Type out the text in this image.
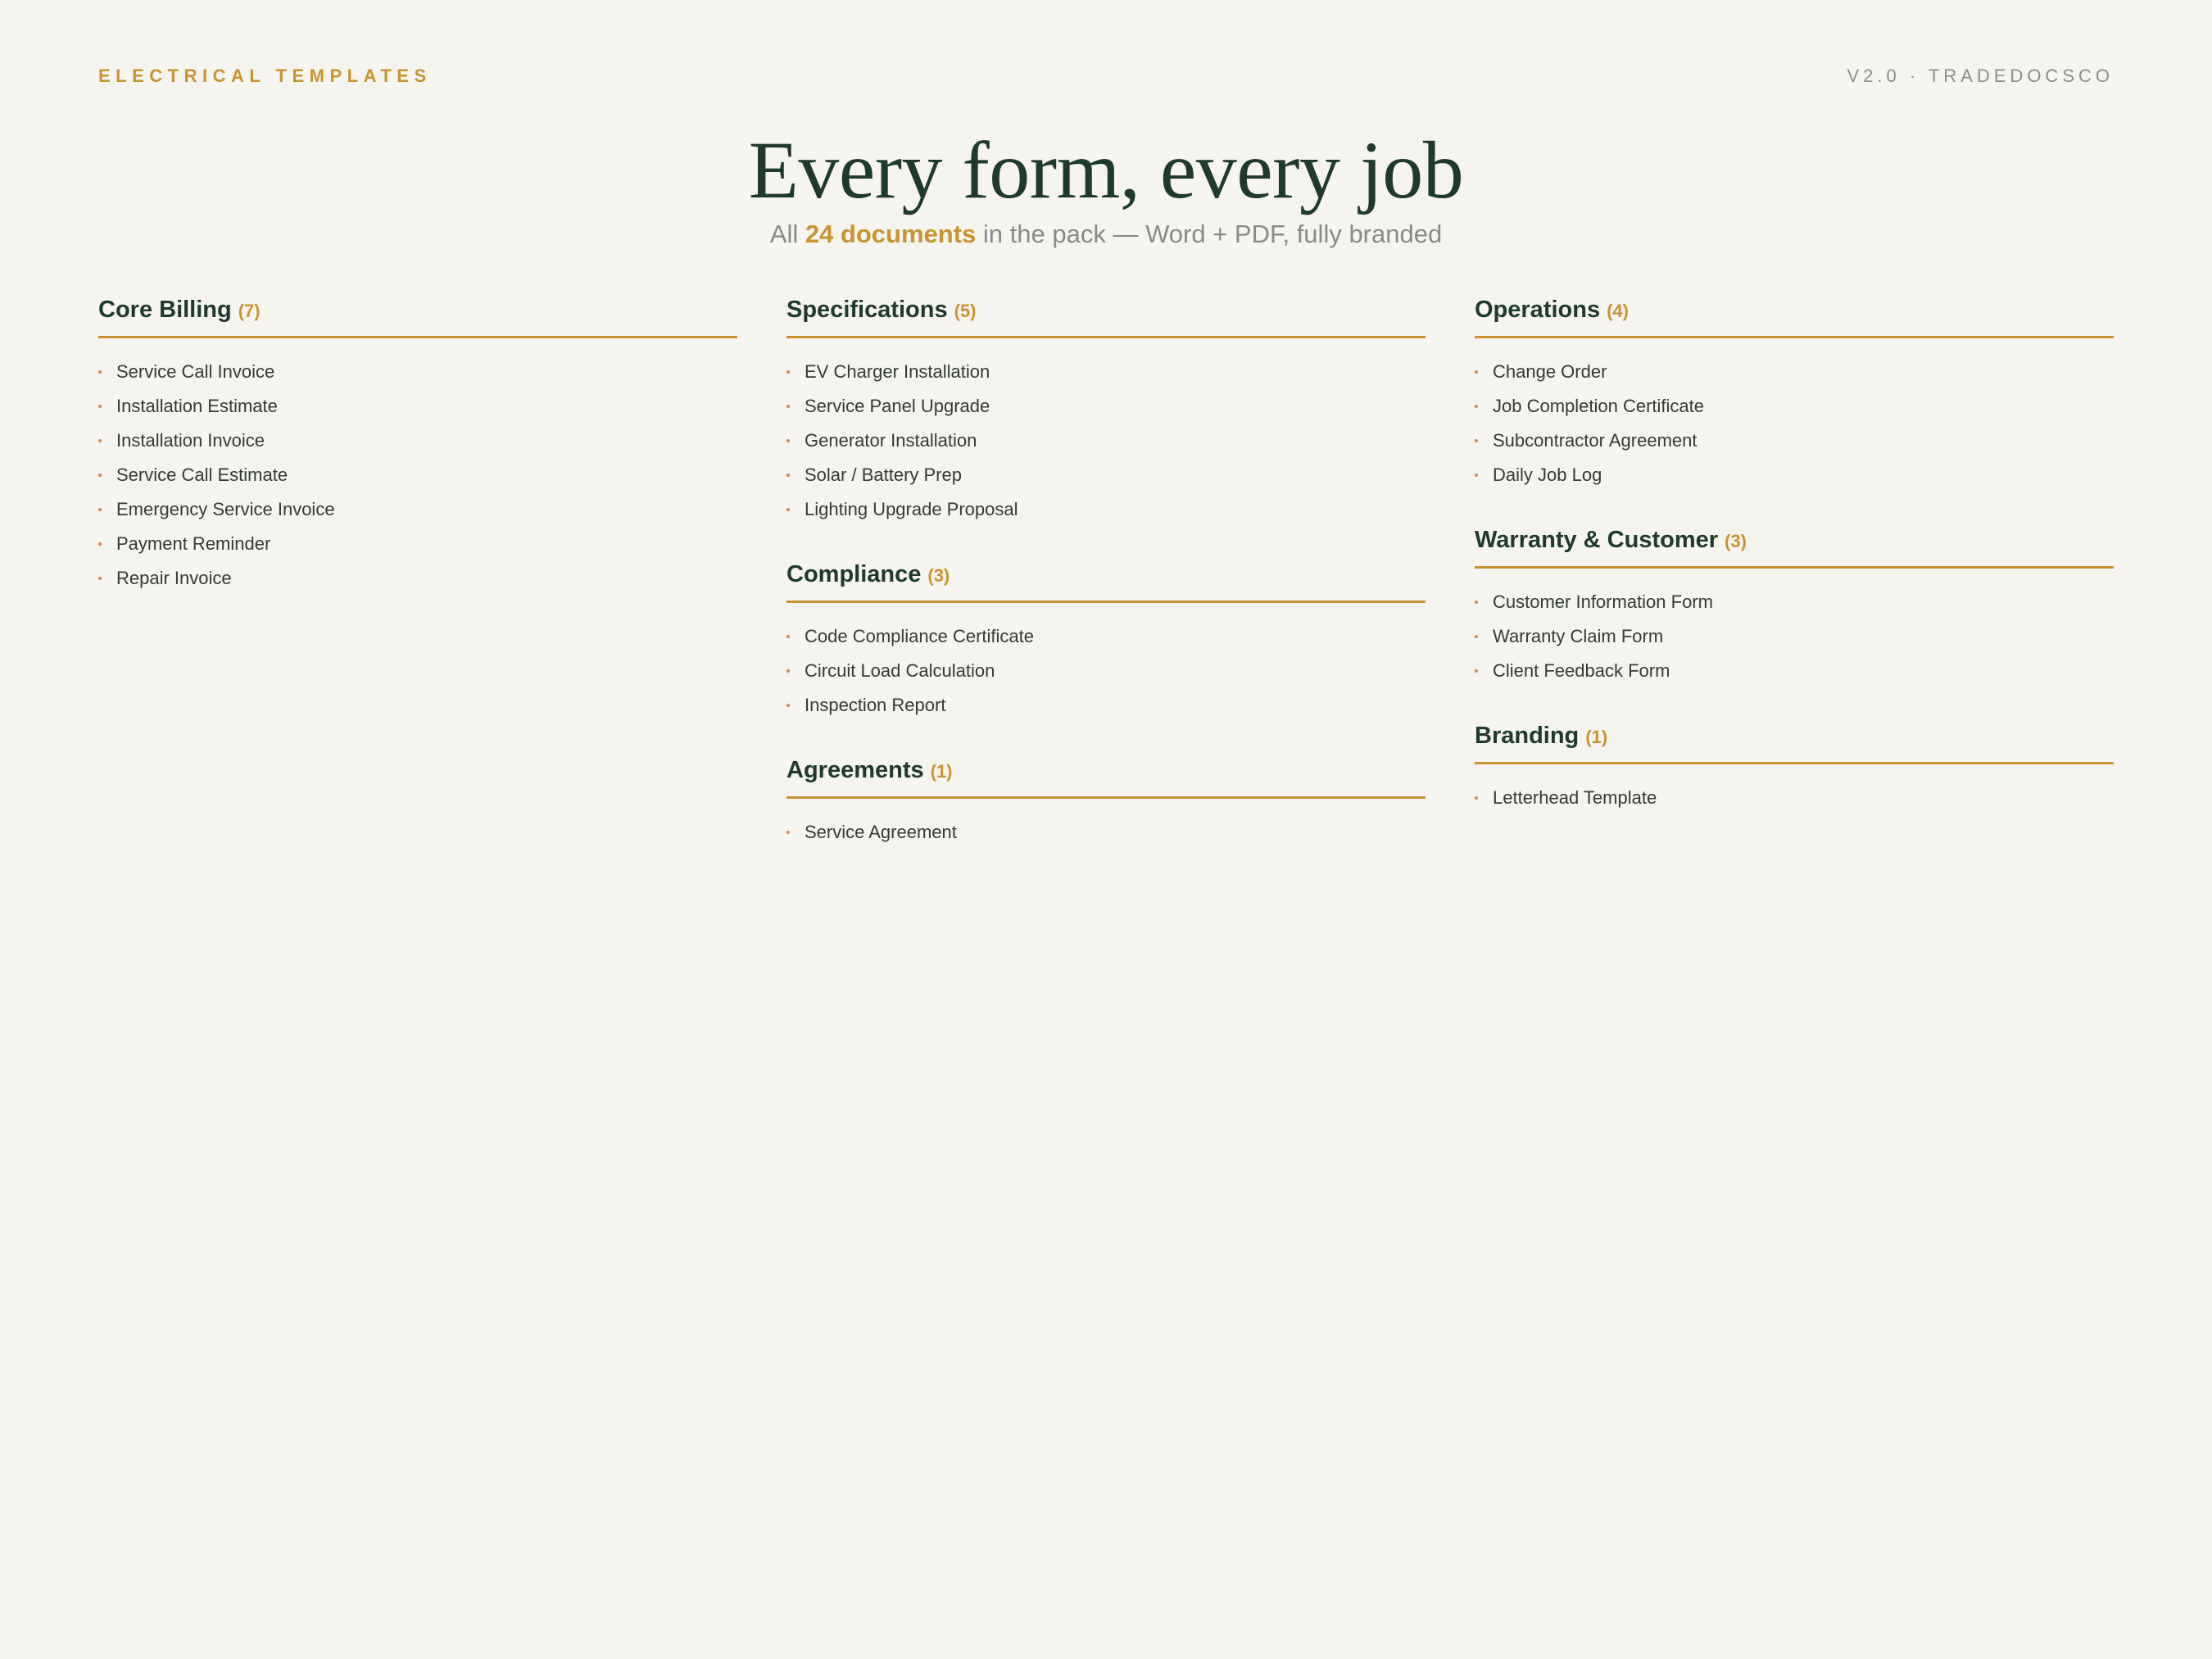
ELECTRICAL TEMPLATES	V2.0 · TRADEDOCSCO
Every form, every job
All 24 documents in the pack — Word + PDF, fully branded
Core Billing (7)
Service Call Invoice
Installation Estimate
Installation Invoice
Service Call Estimate
Emergency Service Invoice
Payment Reminder
Repair Invoice
Specifications (5)
EV Charger Installation
Service Panel Upgrade
Generator Installation
Solar / Battery Prep
Lighting Upgrade Proposal
Compliance (3)
Code Compliance Certificate
Circuit Load Calculation
Inspection Report
Agreements (1)
Service Agreement
Operations (4)
Change Order
Job Completion Certificate
Subcontractor Agreement
Daily Job Log
Warranty & Customer (3)
Customer Information Form
Warranty Claim Form
Client Feedback Form
Branding (1)
Letterhead Template
